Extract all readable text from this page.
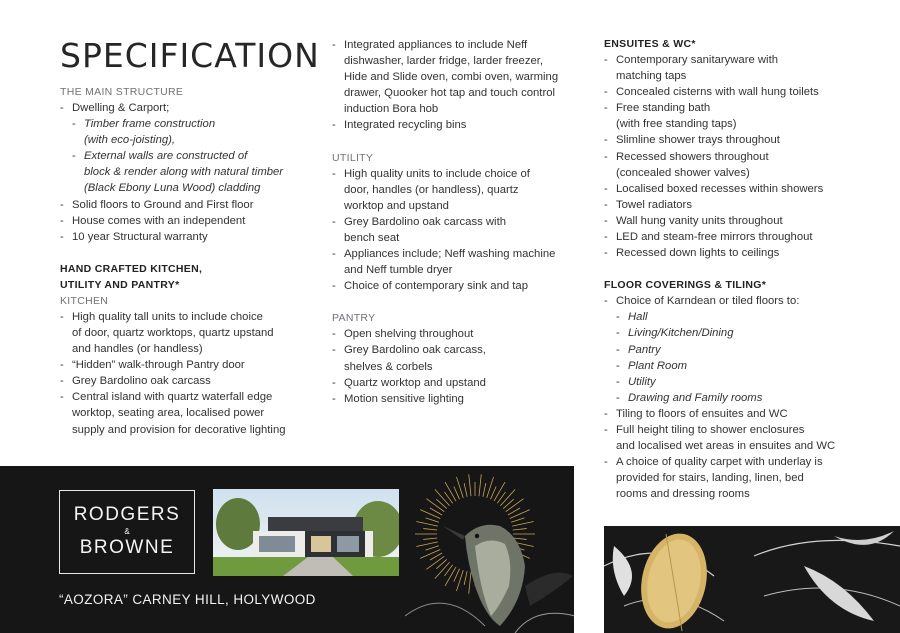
SPECIFICATION
THE MAIN STRUCTURE
- Dwelling & Carport;
- Timber frame construction
(with eco-joisting),
- External walls are constructed of
block & render along with natural timber
(Black Ebony Luna Wood) cladding
- Solid floors to Ground and First floor
- House comes with an independent
- 10 year Structural warranty
HAND CRAFTED KITCHEN,
UTILITY AND PANTRY*
KITCHEN
- High quality tall units to include choice
of door, quartz worktops, quartz upstand
and handles (or handless)
- “Hidden” walk-through Pantry door
- Grey Bardolino oak carcass
- Central island with quartz waterfall edge
worktop, seating area, localised power
supply and provision for decorative lighting
- Integrated appliances to include Neff
dishwasher, larder fridge, larder freezer,
Hide and Slide oven, combi oven, warming
drawer, Quooker hot tap and touch control
induction Bora hob
- Integrated recycling bins
UTILITY
- High quality units to include choice of
door, handles (or handless), quartz
worktop and upstand
- Grey Bardolino oak carcass with
bench seat
- Appliances include; Neff washing machine
and Neff tumble dryer
- Choice of contemporary sink and tap
PANTRY
- Open shelving throughout
- Grey Bardolino oak carcass,
shelves & corbels
- Quartz worktop and upstand
- Motion sensitive lighting
ENSUITES & WC*
- Contemporary sanitaryware with
matching taps
- Concealed cisterns with wall hung toilets
- Free standing bath
(with free standing taps)
- Slimline shower trays throughout
- Recessed showers throughout
(concealed shower valves)
- Localised boxed recesses within showers
- Towel radiators
- Wall hung vanity units throughout
- LED and steam-free mirrors throughout
- Recessed down lights to ceilings
FLOOR COVERINGS & TILING*
- Choice of Karndean or tiled floors to:
- Hall
- Living/Kitchen/Dining
- Pantry
- Plant Room
- Utility
- Drawing and Family rooms
- Tiling to floors of ensuites and WC
- Full height tiling to shower enclosures
and localised wet areas in ensuites and WC
- A choice of quality carpet with underlay is
provided for stairs, landing, linen, bed
rooms and dressing rooms
RODGERS
&
BROWNE
“AOZORA” CARNEY HILL, HOLYWOOD
